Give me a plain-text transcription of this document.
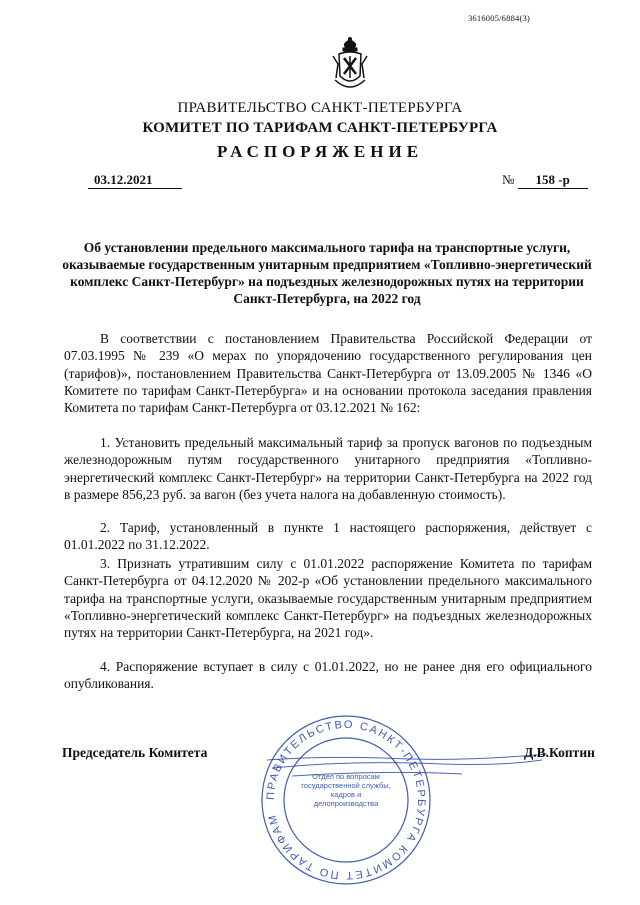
3616005/6884(3)
ПРАВИТЕЛЬСТВО САНКТ-ПЕТЕРБУРГА
КОМИТЕТ ПО ТАРИФАМ САНКТ-ПЕТЕРБУРГА
РАСПОРЯЖЕНИЕ
03.12.2021	№ 158 -р
Об установлении предельного максимального тарифа на транспортные услуги, оказываемые государственным унитарным предприятием «Топливно-энергетический комплекс Санкт-Петербург» на подъездных железнодорожных путях на территории Санкт-Петербурга, на 2022 год

В соответствии с постановлением Правительства Российской Федерации от 07.03.1995 № 239 «О мерах по упорядочению государственного регулирования цен (тарифов)», постановлением Правительства Санкт-Петербурга от 13.09.2005 № 1346 «О Комитете по тарифам Санкт-Петербурга» и на основании протокола заседания правления Комитета по тарифам Санкт-Петербурга от 03.12.2021 № 162:

1. Установить предельный максимальный тариф за пропуск вагонов по подъездным железнодорожным путям государственного унитарного предприятия «Топливно-энергетический комплекс Санкт-Петербург» на территории Санкт-Петербурга на 2022 год в размере 856,23 руб. за вагон (без учета налога на добавленную стоимость).

2. Тариф, установленный в пункте 1 настоящего распоряжения, действует с 01.01.2022 по 31.12.2022.

3. Признать утратившим силу с 01.01.2022 распоряжение Комитета по тарифам Санкт-Петербурга от 04.12.2020 № 202-р «Об установлении предельного максимального тарифа на транспортные услуги, оказываемые государственным унитарным предприятием «Топливно-энергетический комплекс Санкт-Петербург» на подъездных железнодорожных путях на территории Санкт-Петербурга, на 2021 год».

4. Распоряжение вступает в силу с 01.01.2022, но не ранее дня его официального опубликования.

ПРАВИТЕЛЬСТВО САНКТ-ПЕТЕРБУРГА КОМИТЕТ ПО ТАРИФАМ
Отдел по вопросам государственной службы, кадров и делопроизводства
Председатель Комитета	Д.В.Коптин
